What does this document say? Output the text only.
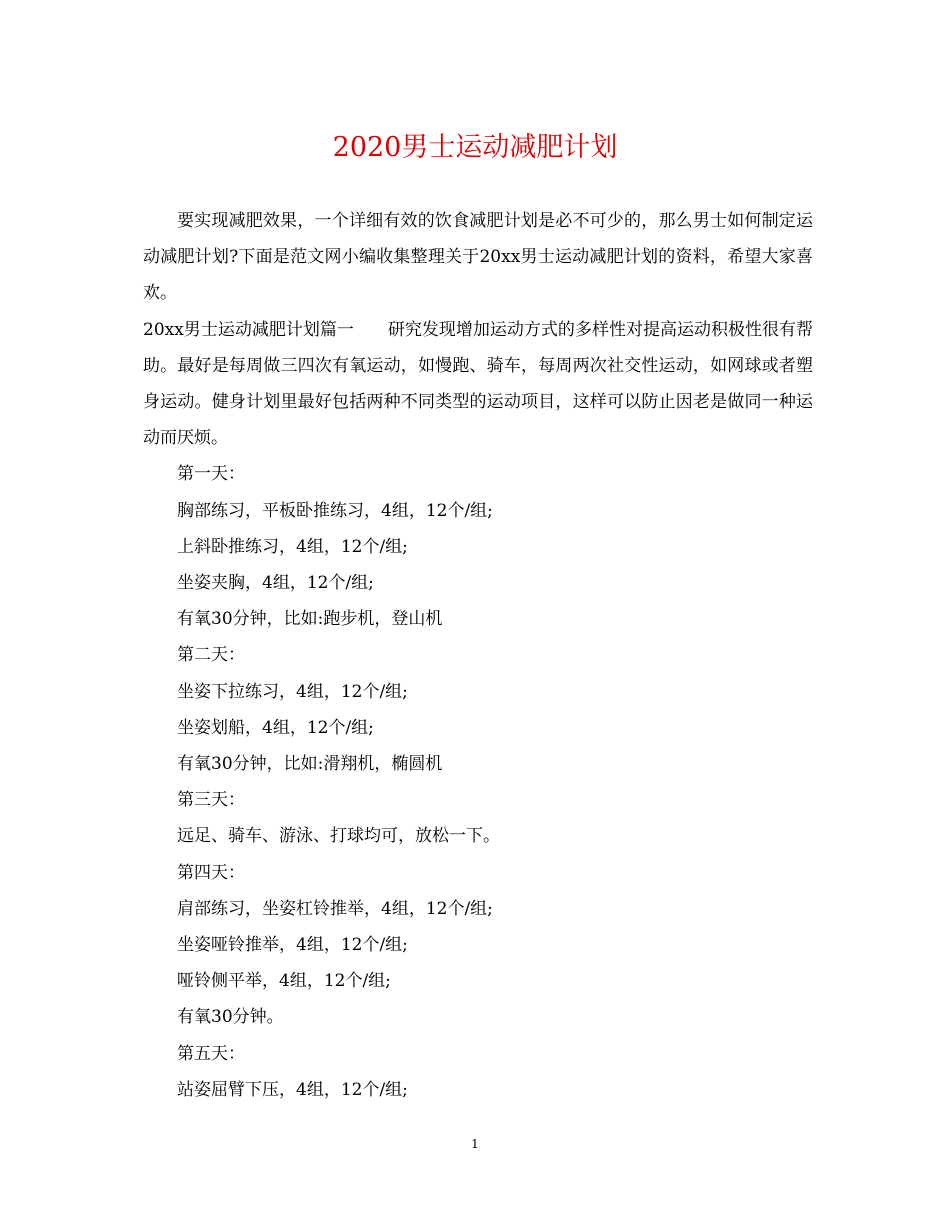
2020男士运动减肥计划

要实现减肥效果，一个详细有效的饮食减肥计划是必不可少的，那么男士如何制定运动减肥计划?下面是范文网小编收集整理关于20xx男士运动减肥计划的资料，希望大家喜欢。

20xx男士运动减肥计划篇一 研究发现增加运动方式的多样性对提高运动积极性很有帮助。最好是每周做三四次有氧运动，如慢跑、骑车，每周两次社交性运动，如网球或者塑身运动。健身计划里最好包括两种不同类型的运动项目，这样可以防止因老是做同一种运动而厌烦。

第一天：

胸部练习，平板卧推练习，4组，12个/组;

上斜卧推练习，4组，12个/组;

坐姿夹胸，4组，12个/组;

有氧30分钟，比如:跑步机，登山机

第二天：

坐姿下拉练习，4组，12个/组;

坐姿划船，4组，12个/组;

有氧30分钟，比如:滑翔机，椭圆机

第三天：

远足、骑车、游泳、打球均可，放松一下。

第四天：

肩部练习，坐姿杠铃推举，4组，12个/组;

坐姿哑铃推举，4组，12个/组;

哑铃侧平举，4组，12个/组;

有氧30分钟。

第五天：

站姿屈臂下压，4组，12个/组;

1
